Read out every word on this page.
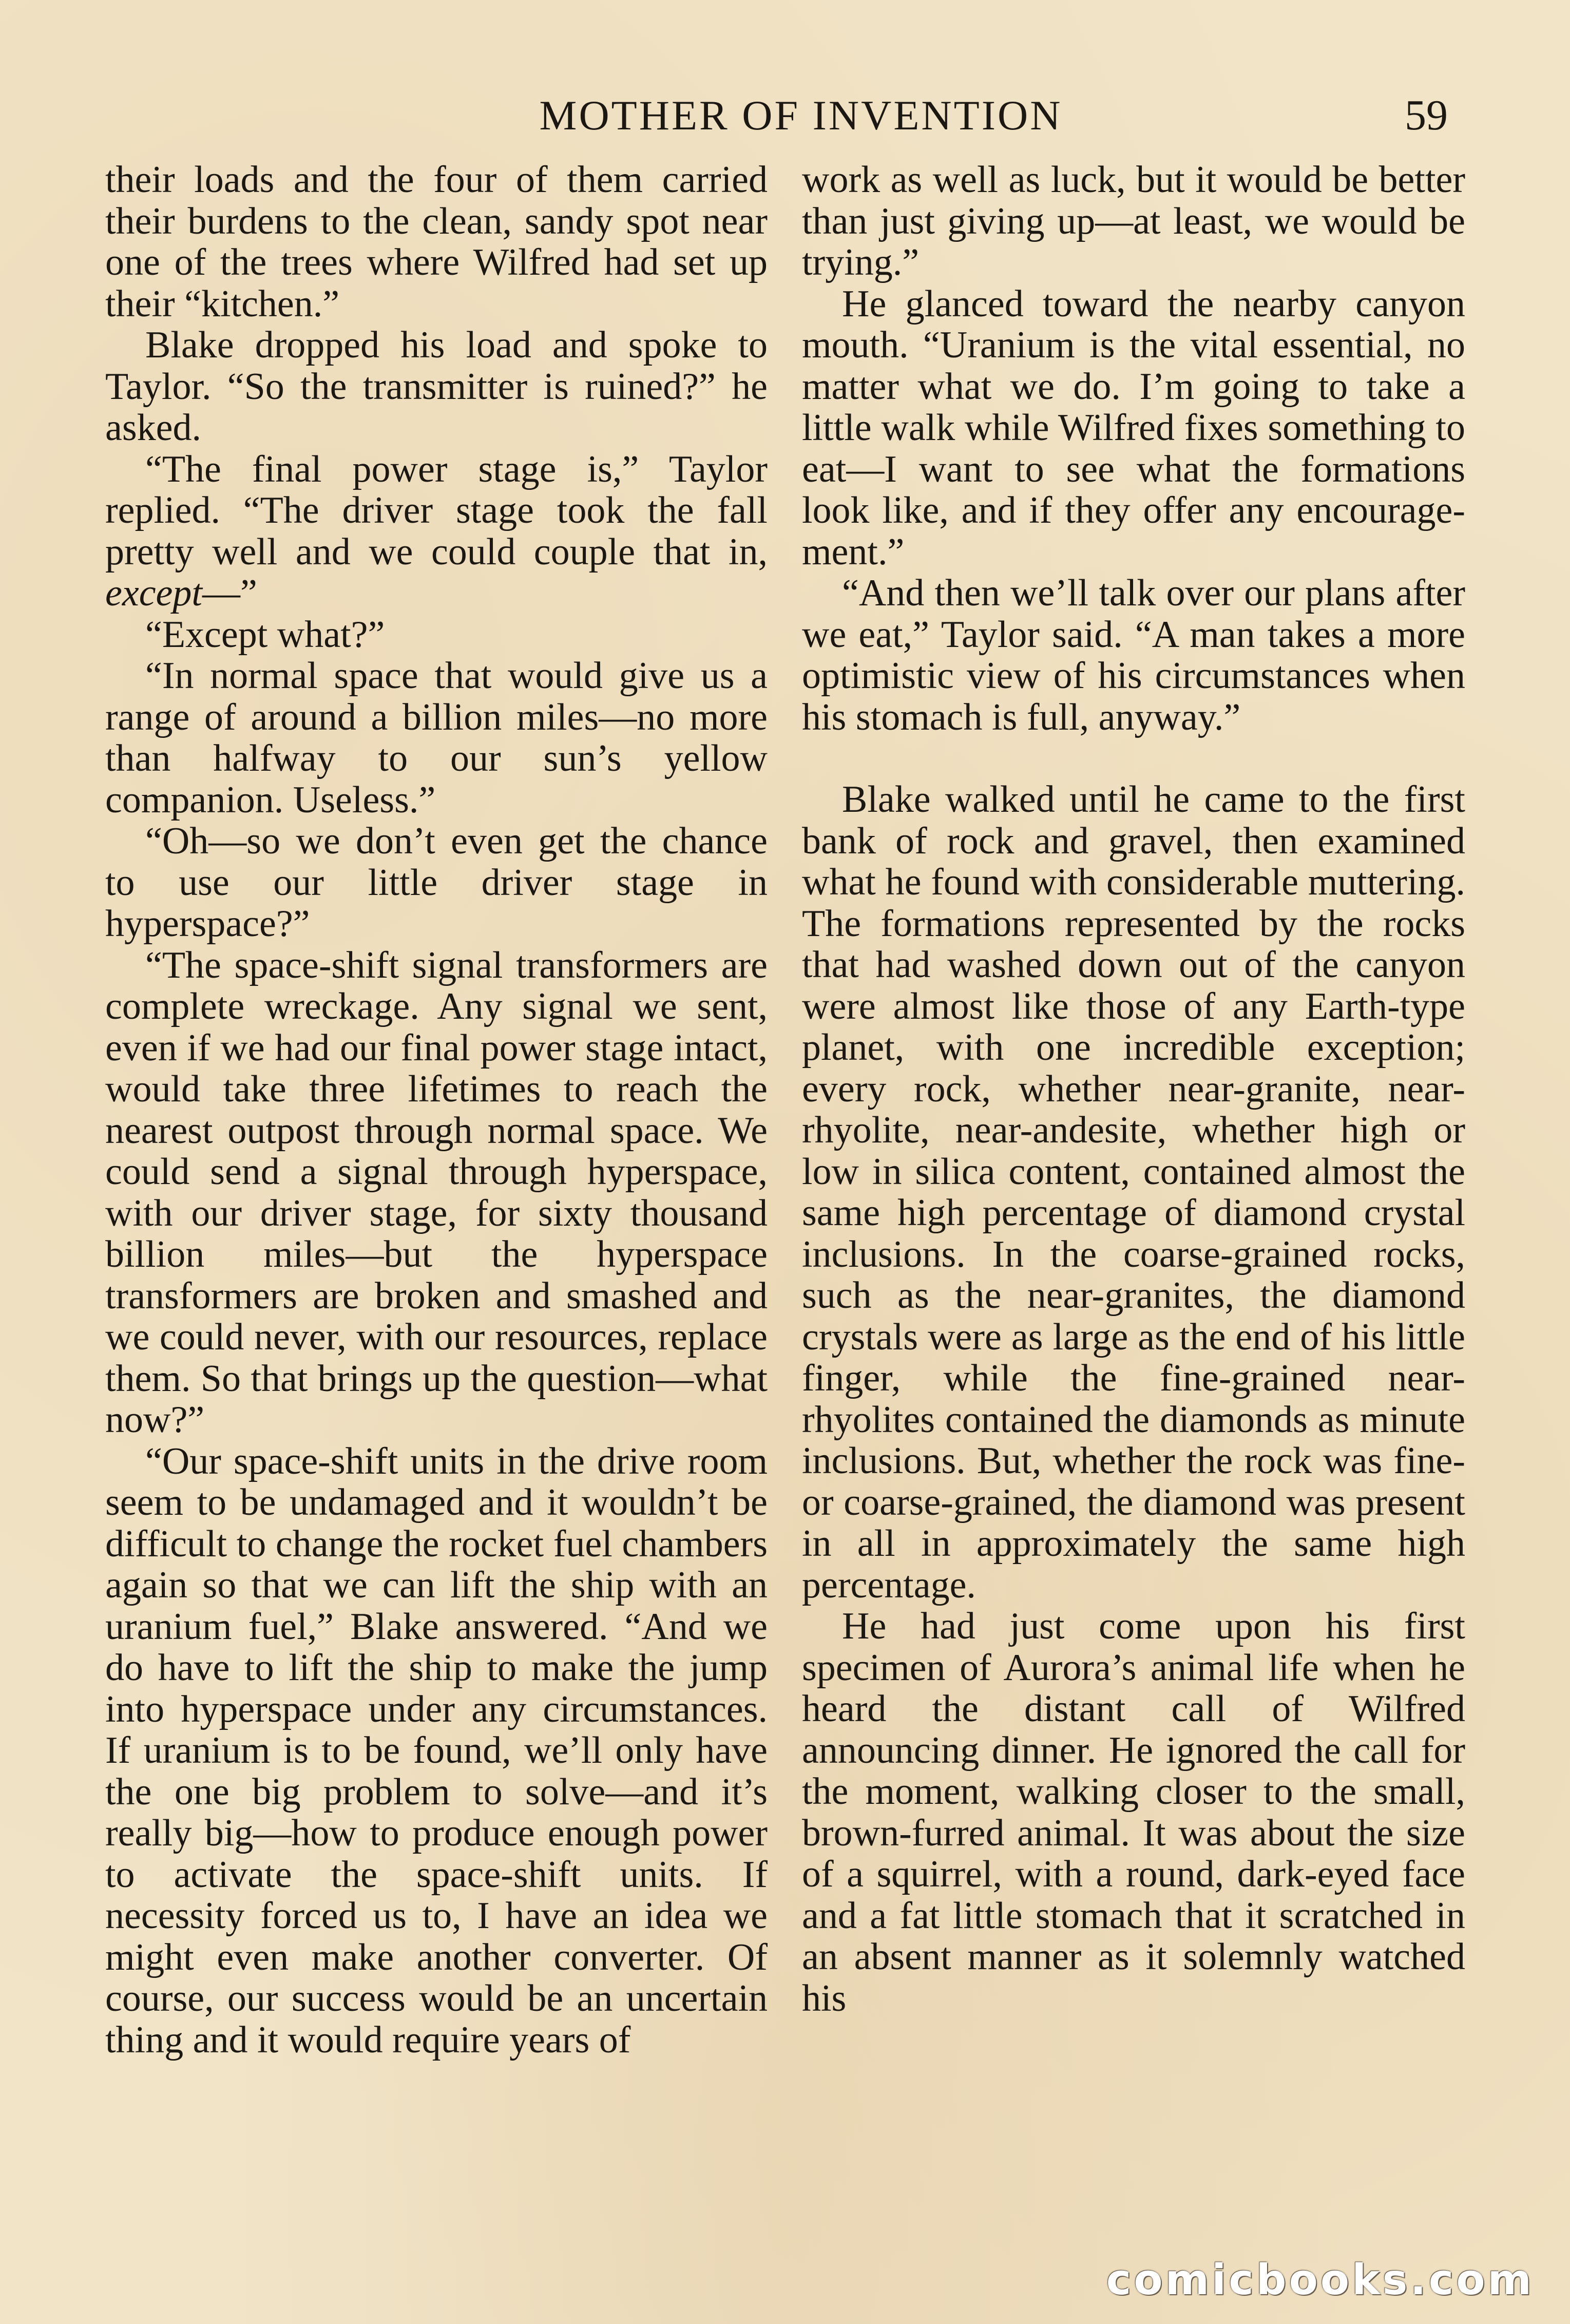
MOTHER OF INVENTION	59

their loads and the four of them carried their burdens to the clean, sandy spot near one of the trees where Wilfred had set up their “kitchen.”

Blake dropped his load and spoke to Taylor. “So the transmitter is ruined?” he asked.

“The final power stage is,” Taylor replied. “The driver stage took the fall pretty well and we could couple that in, except—”

“Except what?”

“In normal space that would give us a range of around a billion miles—no more than halfway to our sun’s yellow companion. Useless.”

“Oh—so we don’t even get the chance to use our little driver stage in hyperspace?”

“The space-shift signal transformers are complete wreckage. Any signal we sent, even if we had our final power stage intact, would take three lifetimes to reach the nearest outpost through normal space. We could send a signal through hyperspace, with our driver stage, for sixty thousand billion miles—but the hyperspace transformers are broken and smashed and we could never, with our resources, replace them. So that brings up the question—what now?”

“Our space-shift units in the drive room seem to be undamaged and it wouldn’t be difficult to change the rocket fuel chambers again so that we can lift the ship with an uranium fuel,” Blake answered. “And we do have to lift the ship to make the jump into hyperspace under any circumstances. If uranium is to be found, we’ll only have the one big problem to solve—and it’s really big—how to produce enough power to activate the space-shift units. If necessity forced us to, I have an idea we might even make another converter. Of course, our success would be an uncertain thing and it would require years of

work as well as luck, but it would be better than just giving up—at least, we would be trying.”

He glanced toward the nearby canyon mouth. “Uranium is the vital essential, no matter what we do. I’m going to take a little walk while Wilfred fixes something to eat—I want to see what the formations look like, and if they offer any encouragement.”

“And then we’ll talk over our plans after we eat,” Taylor said. “A man takes a more optimistic view of his circumstances when his stomach is full, anyway.”

Blake walked until he came to the first bank of rock and gravel, then examined what he found with considerable muttering. The formations represented by the rocks that had washed down out of the canyon were almost like those of any Earth-type planet, with one incredible exception; every rock, whether near-granite, near-rhyolite, near-andesite, whether high or low in silica content, contained almost the same high percentage of diamond crystal inclusions. In the coarse-grained rocks, such as the near-granites, the diamond crystals were as large as the end of his little finger, while the fine-grained near-rhyolites contained the diamonds as minute inclusions. But, whether the rock was fine- or coarse-grained, the diamond was present in all in approximately the same high percentage.

He had just come upon his first specimen of Aurora’s animal life when he heard the distant call of Wilfred announcing dinner. He ignored the call for the moment, walking closer to the small, brown-furred animal. It was about the size of a squirrel, with a round, dark-eyed face and a fat little stomach that it scratched in an absent manner as it solemnly watched his

comicbooks.com
